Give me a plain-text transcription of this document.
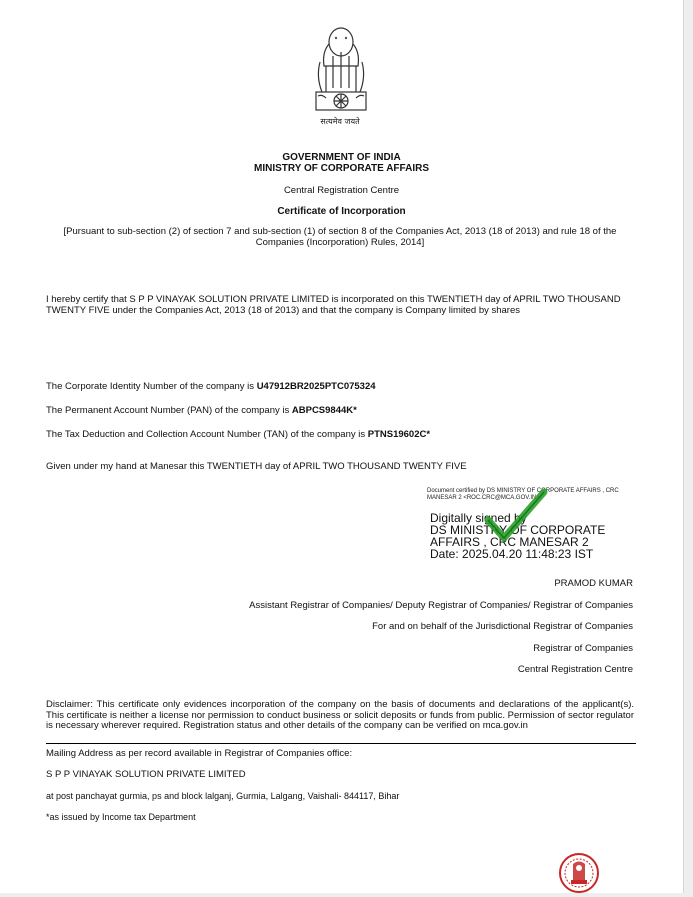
सत्यमेव जयते
GOVERNMENT OF INDIA
MINISTRY OF CORPORATE AFFAIRS
Central Registration Centre
Certificate of Incorporation
[Pursuant to sub-section (2) of section 7 and sub-section (1) of section 8 of the Companies Act, 2013 (18 of 2013) and rule 18 of the Companies (Incorporation) Rules, 2014]
I hereby certify that S P P VINAYAK SOLUTION PRIVATE LIMITED is incorporated on this TWENTIETH day of APRIL TWO THOUSAND TWENTY FIVE under the Companies Act, 2013 (18 of 2013) and that the company is Company limited by shares
The Corporate Identity Number of the company is U47912BR2025PTC075324
The Permanent Account Number (PAN) of the company is ABPCS9844K*
The Tax Deduction and Collection Account Number (TAN) of the company is PTNS19602C*
Given under my hand at Manesar this TWENTIETH day of APRIL TWO THOUSAND TWENTY FIVE
Document certified by DS MINISTRY OF CORPORATE AFFAIRS , CRC MANESAR 2 <ROC.CRC@MCA.GOV.IN>.
Digitally signed by
DS MINISTRY OF CORPORATE
AFFAIRS , CRC MANESAR 2
Date: 2025.04.20 11:48:23 IST
PRAMOD KUMAR
Assistant Registrar of Companies/ Deputy Registrar of Companies/ Registrar of Companies
For and on behalf of the Jurisdictional Registrar of Companies
Registrar of Companies
Central Registration Centre
Disclaimer: This certificate only evidences incorporation of the company on the basis of documents and declarations of the applicant(s). This certificate is neither a license nor permission to conduct business or solicit deposits or funds from public. Permission of sector regulator is necessary wherever required. Registration status and other details of the company can be verified on mca.gov.in
Mailing Address as per record available in Registrar of Companies office:
S P P VINAYAK SOLUTION PRIVATE LIMITED
at post panchayat gurmia, ps and block lalganj, Gurmia, Lalgang, Vaishali- 844117, Bihar
*as issued by Income tax Department
